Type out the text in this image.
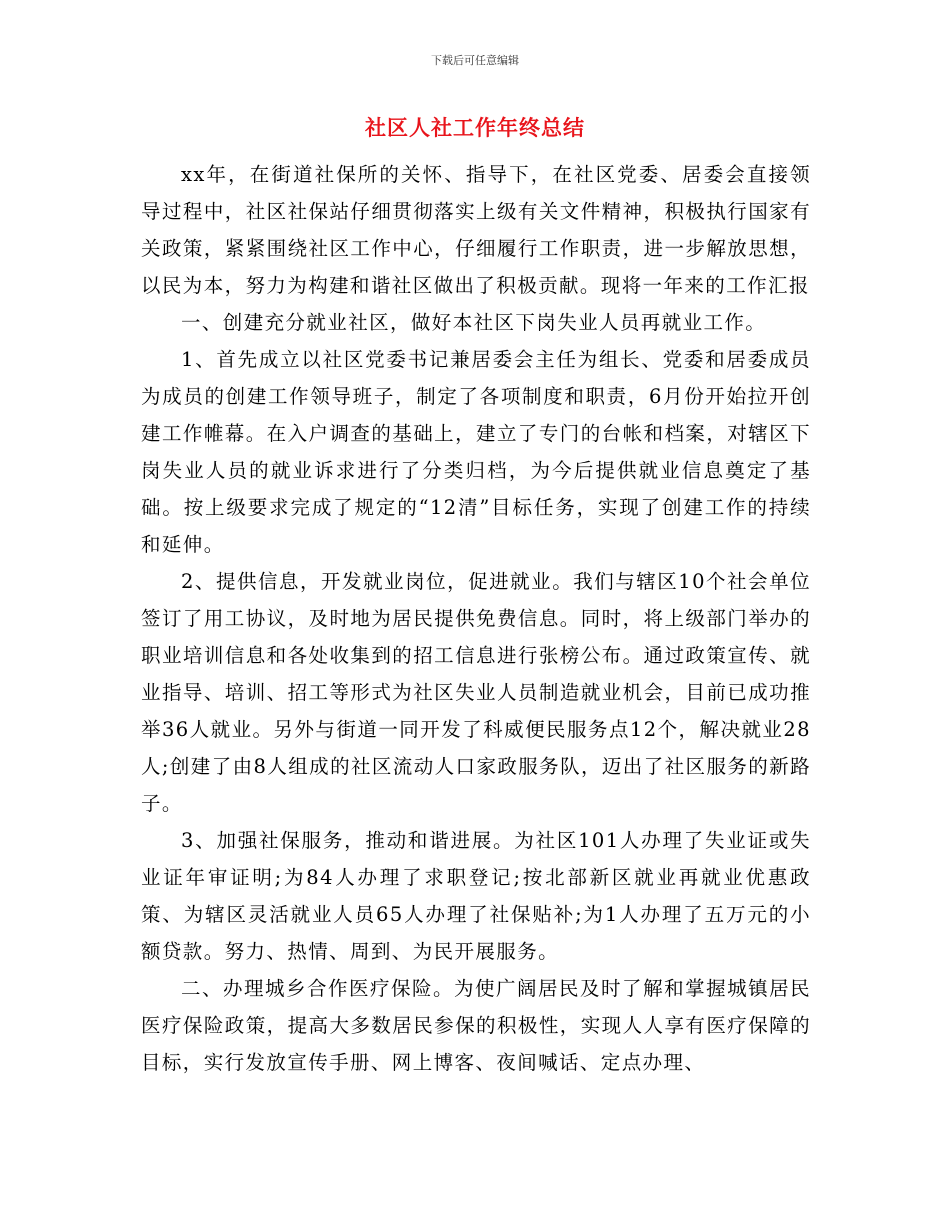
下载后可任意编辑
社区人社工作年终总结

xx年，在街道社保所的关怀、指导下，在社区党委、居委会直接领导过程中，社区社保站仔细贯彻落实上级有关文件精神，积极执行国家有关政策，紧紧围绕社区工作中心，仔细履行工作职责，进一步解放思想，以民为本，努力为构建和谐社区做出了积极贡献。现将一年来的工作汇报

一、创建充分就业社区，做好本社区下岗失业人员再就业工作。

1、首先成立以社区党委书记兼居委会主任为组长、党委和居委成员为成员的创建工作领导班子，制定了各项制度和职责，6月份开始拉开创建工作帷幕。在入户调查的基础上，建立了专门的台帐和档案，对辖区下岗失业人员的就业诉求进行了分类归档，为今后提供就业信息奠定了基础。按上级要求完成了规定的“12清”目标任务，实现了创建工作的持续和延伸。

2、提供信息，开发就业岗位，促进就业。我们与辖区10个社会单位签订了用工协议，及时地为居民提供免费信息。同时，将上级部门举办的职业培训信息和各处收集到的招工信息进行张榜公布。通过政策宣传、就业指导、培训、招工等形式为社区失业人员制造就业机会，目前已成功推举36人就业。另外与街道一同开发了科威便民服务点12个，解决就业28人;创建了由8人组成的社区流动人口家政服务队，迈出了社区服务的新路子。

3、加强社保服务，推动和谐进展。为社区101人办理了失业证或失业证年审证明;为84人办理了求职登记;按北部新区就业再就业优惠政策、为辖区灵活就业人员65人办理了社保贴补;为1人办理了五万元的小额贷款。努力、热情、周到、为民开展服务。

二、办理城乡合作医疗保险。为使广阔居民及时了解和掌握城镇居民医疗保险政策，提高大多数居民参保的积极性，实现人人享有医疗保障的目标，实行发放宣传手册、网上博客、夜间喊话、定点办理、
